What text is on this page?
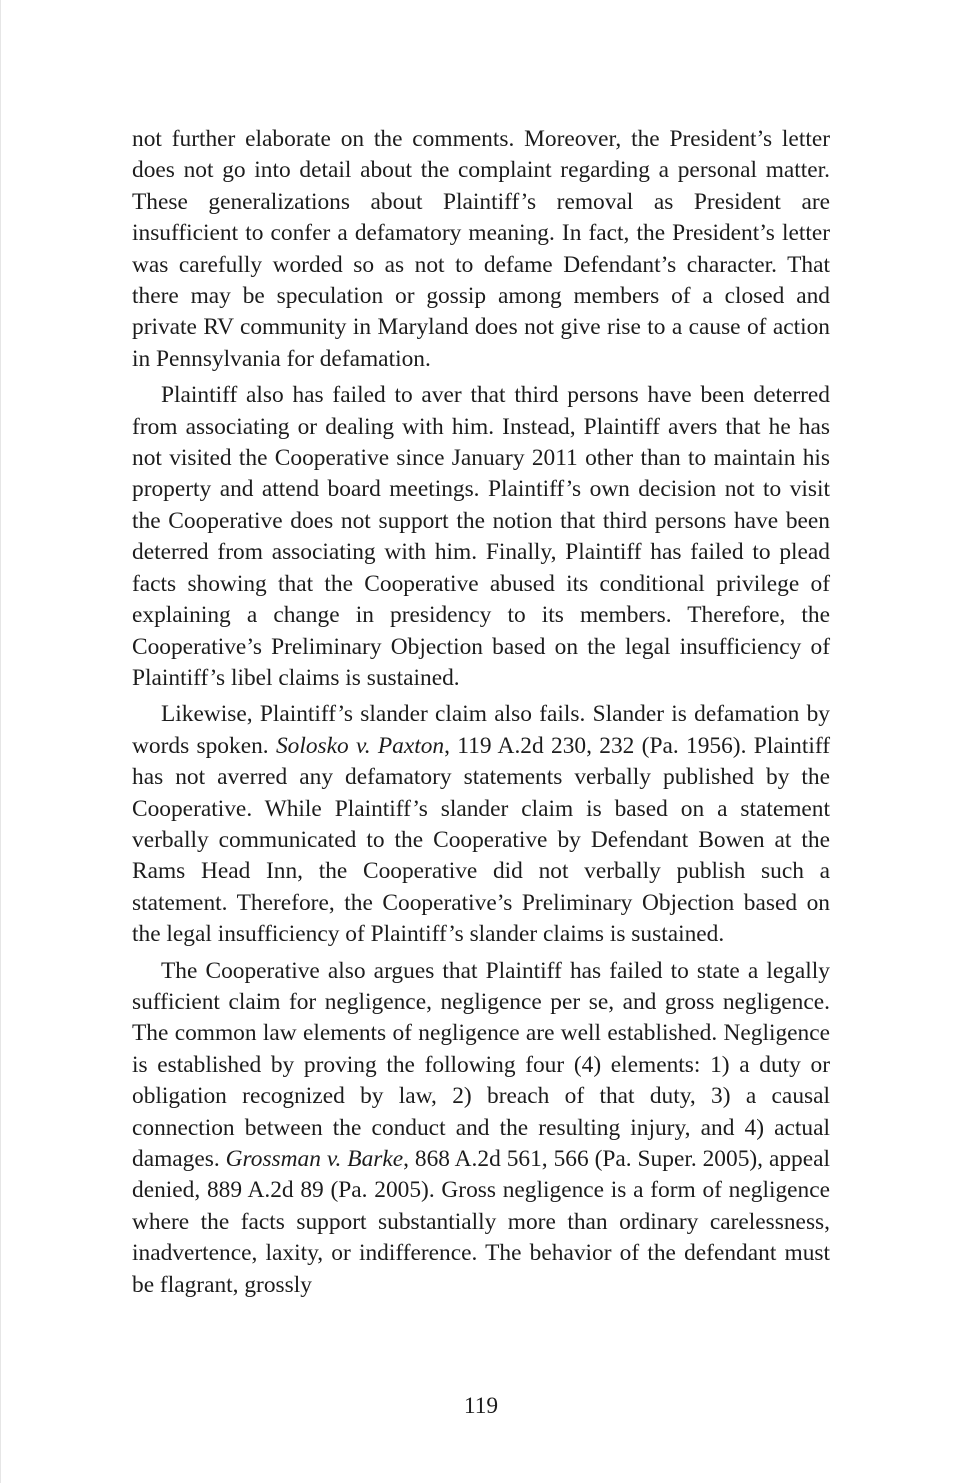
not further elaborate on the comments. Moreover, the President’s letter does not go into detail about the complaint regarding a personal matter. These generalizations about Plaintiff’s removal as President are insufficient to confer a defamatory meaning. In fact, the President’s letter was carefully worded so as not to defame Defendant’s character. That there may be speculation or gossip among members of a closed and private RV community in Maryland does not give rise to a cause of action in Pennsylvania for defamation.

Plaintiff also has failed to aver that third persons have been deterred from associating or dealing with him. Instead, Plaintiff avers that he has not visited the Cooperative since January 2011 other than to maintain his property and attend board meetings. Plaintiff’s own decision not to visit the Cooperative does not support the notion that third persons have been deterred from associating with him. Finally, Plaintiff has failed to plead facts showing that the Cooperative abused its conditional privilege of explaining a change in presidency to its members. Therefore, the Cooperative’s Preliminary Objection based on the legal insufficiency of Plaintiff’s libel claims is sustained.

Likewise, Plaintiff’s slander claim also fails. Slander is defamation by words spoken. Solosko v. Paxton, 119 A.2d 230, 232 (Pa. 1956). Plaintiff has not averred any defamatory statements verbally published by the Cooperative. While Plaintiff’s slander claim is based on a statement verbally communicated to the Cooperative by Defendant Bowen at the Rams Head Inn, the Cooperative did not verbally publish such a statement. Therefore, the Cooperative’s Preliminary Objection based on the legal insufficiency of Plaintiff’s slander claims is sustained.

The Cooperative also argues that Plaintiff has failed to state a legally sufficient claim for negligence, negligence per se, and gross negligence. The common law elements of negligence are well established. Negligence is established by proving the following four (4) elements: 1) a duty or obligation recognized by law, 2) breach of that duty, 3) a causal connection between the conduct and the resulting injury, and 4) actual damages. Grossman v. Barke, 868 A.2d 561, 566 (Pa. Super. 2005), appeal denied, 889 A.2d 89 (Pa. 2005). Gross negligence is a form of negligence where the facts support substantially more than ordinary carelessness, inadvertence, laxity, or indifference. The behavior of the defendant must be flagrant, grossly

119
